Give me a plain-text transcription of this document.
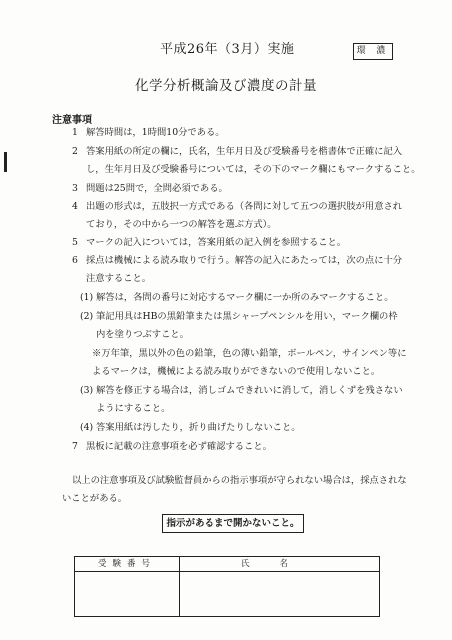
平成26年（3月）実施	環 濃
化学分析概論及び濃度の計量
注意事項
1 解答時間は，1時間10分である。
2 答案用紙の所定の欄に，氏名，生年月日及び受験番号を楷書体で正確に記入
し，生年月日及び受験番号については，その下のマーク欄にもマークすること。
3 問題は25問で，全問必須である。
4 出題の形式は，五肢択一方式である（各問に対して五つの選択肢が用意され
ており，その中から一つの解答を選ぶ方式）。
5 マークの記入については，答案用紙の記入例を参照すること。
6 採点は機械による読み取りで行う。解答の記入にあたっては，次の点に十分
注意すること。
(1) 解答は，各問の番号に対応するマーク欄に一か所のみマークすること。
(2) 筆記用具はHBの黒鉛筆または黒シャープペンシルを用い，マーク欄の枠
内を塗りつぶすこと。
※万年筆，黒以外の色の鉛筆，色の薄い鉛筆，ボールペン，サインペン等に
よるマークは，機械による読み取りができないので使用しないこと。
(3) 解答を修正する場合は，消しゴムできれいに消して，消しくずを残さない
ようにすること。
(4) 答案用紙は汚したり，折り曲げたりしないこと。
7 黒板に記載の注意事項を必ず確認すること。
以上の注意事項及び試験監督員からの指示事項が守られない場合は，採点されな
いことがある。
指示があるまで開かないこと。
受験番号	氏名
